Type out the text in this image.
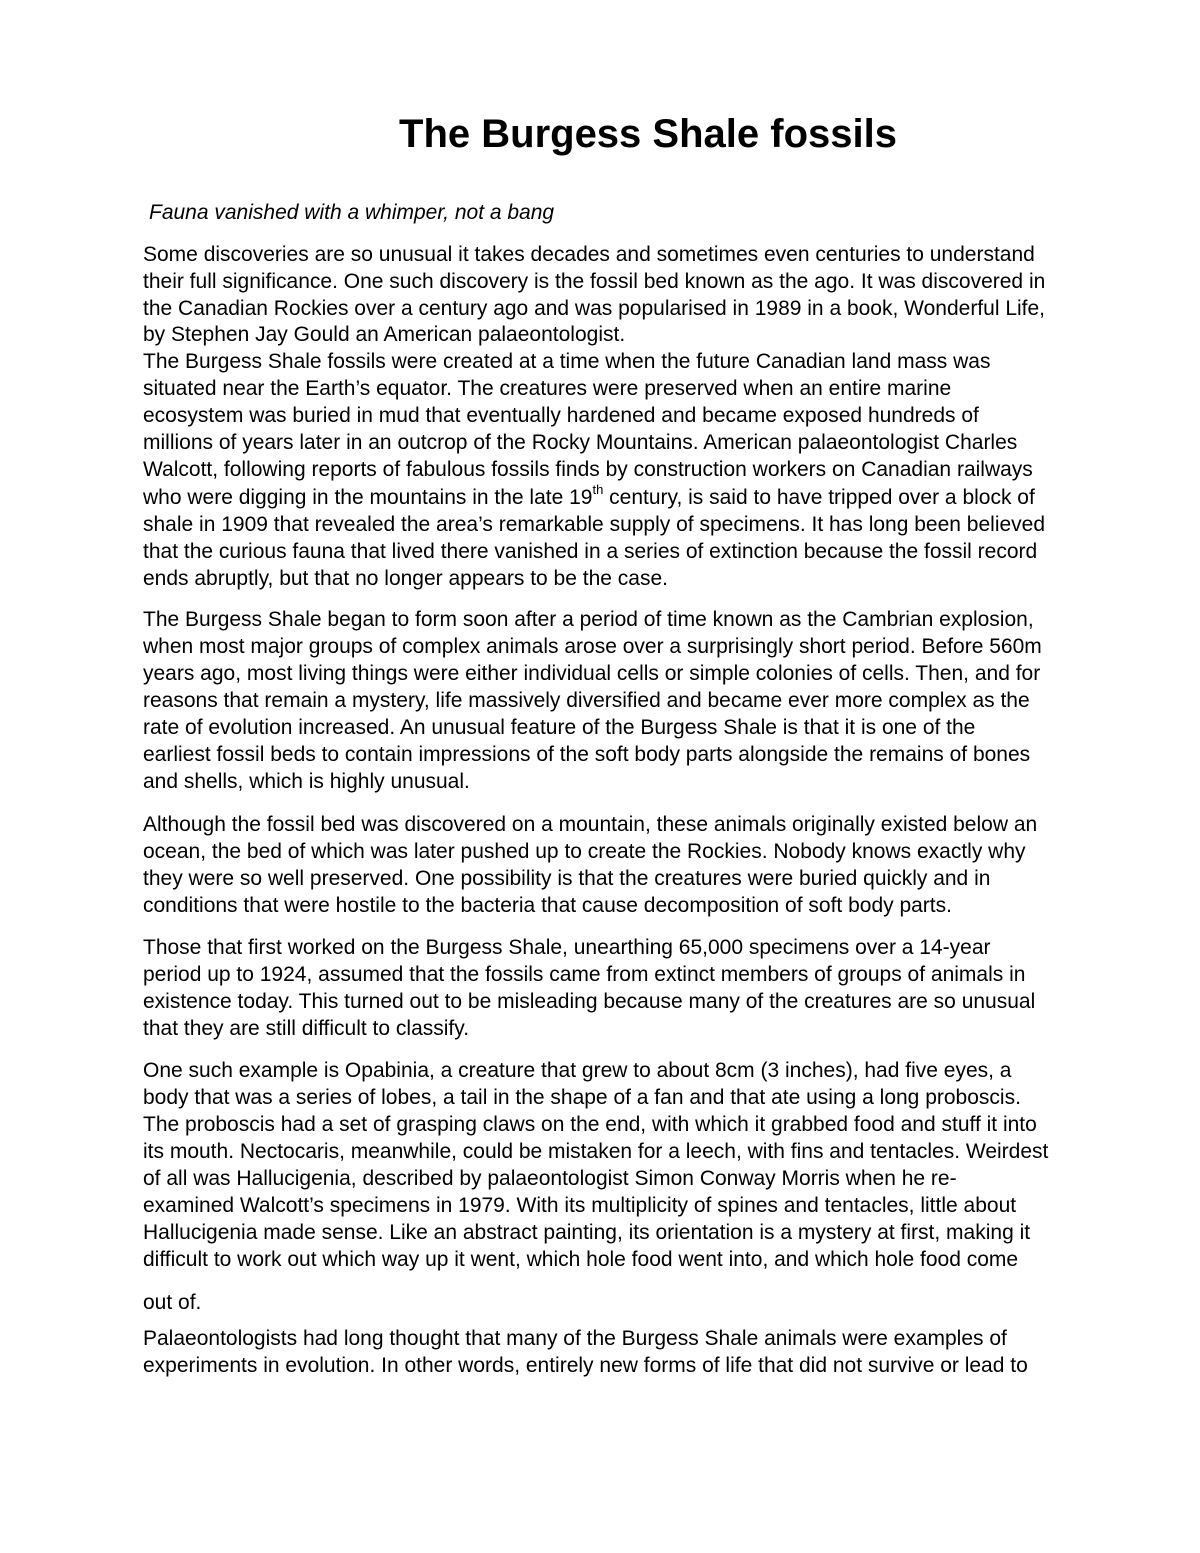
The Burgess Shale fossils

Fauna vanished with a whimper, not a bang

Some discoveries are so unusual it takes decades and sometimes even centuries to understand

their full significance. One such discovery is the fossil bed known as the ago. It was discovered in

the Canadian Rockies over a century ago and was popularised in 1989 in a book, Wonderful Life,

by Stephen Jay Gould an American palaeontologist.

The Burgess Shale fossils were created at a time when the future Canadian land mass was

situated near the Earth’s equator. The creatures were preserved when an entire marine

ecosystem was buried in mud that eventually hardened and became exposed hundreds of

millions of years later in an outcrop of the Rocky Mountains. American palaeontologist Charles

Walcott, following reports of fabulous fossils finds by construction workers on Canadian railways

who were digging in the mountains in the late 19th century, is said to have tripped over a block of

shale in 1909 that revealed the area’s remarkable supply of specimens. It has long been believed

that the curious fauna that lived there vanished in a series of extinction because the fossil record

ends abruptly, but that no longer appears to be the case.

The Burgess Shale began to form soon after a period of time known as the Cambrian explosion,

when most major groups of complex animals arose over a surprisingly short period. Before 560m

years ago, most living things were either individual cells or simple colonies of cells. Then, and for

reasons that remain a mystery, life massively diversified and became ever more complex as the

rate of evolution increased. An unusual feature of the Burgess Shale is that it is one of the

earliest fossil beds to contain impressions of the soft body parts alongside the remains of bones

and shells, which is highly unusual.

Although the fossil bed was discovered on a mountain, these animals originally existed below an

ocean, the bed of which was later pushed up to create the Rockies. Nobody knows exactly why

they were so well preserved. One possibility is that the creatures were buried quickly and in

conditions that were hostile to the bacteria that cause decomposition of soft body parts.

Those that first worked on the Burgess Shale, unearthing 65,000 specimens over a 14-year

period up to 1924, assumed that the fossils came from extinct members of groups of animals in

existence today. This turned out to be misleading because many of the creatures are so unusual

that they are still difficult to classify.

One such example is Opabinia, a creature that grew to about 8cm (3 inches), had five eyes, a

body that was a series of lobes, a tail in the shape of a fan and that ate using a long proboscis.

The proboscis had a set of grasping claws on the end, with which it grabbed food and stuff it into

its mouth. Nectocaris, meanwhile, could be mistaken for a leech, with fins and tentacles. Weirdest

of all was Hallucigenia, described by palaeontologist Simon Conway Morris when he re-

examined Walcott’s specimens in 1979. With its multiplicity of spines and tentacles, little about

Hallucigenia made sense. Like an abstract painting, its orientation is a mystery at first, making it

difficult to work out which way up it went, which hole food went into, and which hole food come

out of.

Palaeontologists had long thought that many of the Burgess Shale animals were examples of

experiments in evolution. In other words, entirely new forms of life that did not survive or lead to
